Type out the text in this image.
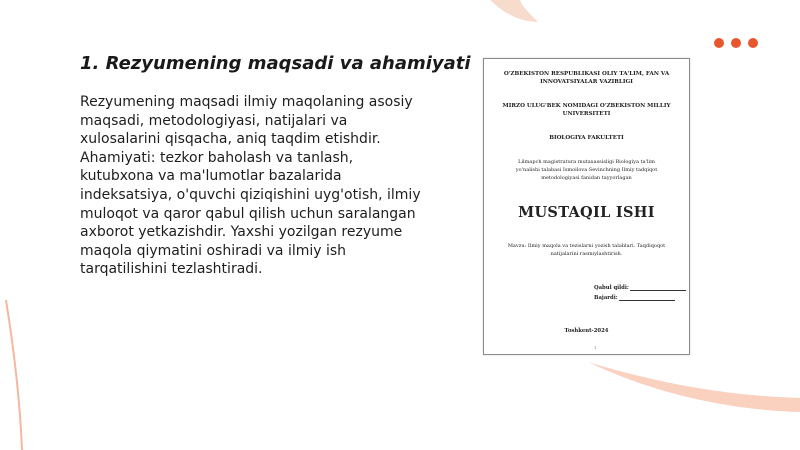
1. Rezyumening maqsadi va ahamiyati

Rezyumening maqsadi ilmiy maqolaning asosiy maqsadi, metodologiyasi, natijalari va xulosalarini qisqacha, aniq taqdim etishdir. Ahamiyati: tezkor baholash va tanlash, kutubxona va ma'lumotlar bazalarida indeksatsiya, o'quvchi qiziqishini uyg'otish, ilmiy muloqot va qaror qabul qilish uchun saralangan axborot yetkazishdir. Yaxshi yozilgan rezyume maqola qiymatini oshiradi va ilmiy ish tarqatilishini tezlashtiradi.

O'ZBEKISTON RESPUBLIKASI OLIY TA'LIM, FAN VA INNOVATSIYALAR VAZIRLIGI

MIRZO ULUG'BEK NOMIDAGI O'ZBEKISTON MILLIY UNIVERSITETI

BIOLOGIYA FAKULTETI

Lilmapch magistratura mutaxassisligi Biologiya ta'lim yo'nalishi talabasi Ismoilova Sevinchning Ilmiy tadqiqot metodologiyasi fanidan tayyorlagan

MUSTAQIL ISHI

Mavzu: Ilmiy maqola va tezislarni yozish talablari. Taqdiqoqot natijalarini rasmiylashtirish.

Qabul qildi:
Bajardi:

Toshkent-2024

1
